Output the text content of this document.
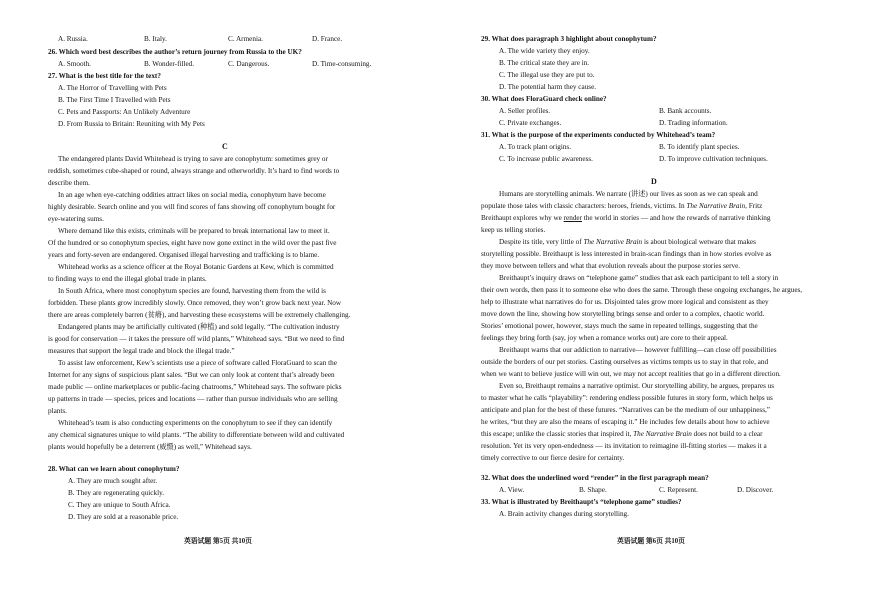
A. Russia.	B. Italy.	C. Armenia.	D. France.
26. Which word best describes the author’s return journey from Russia to the UK?
A. Smooth.	B. Wonder-filled.	C. Dangerous.	D. Time-consuming.
27. What is the best title for the text?
A. The Horror of Travelling with Pets
B. The First Time I Travelled with Pets
C. Pets and Passports: An Unlikely Adventure
D. From Russia to Britain: Reuniting with My Pets
C
The endangered plants David Whitehead is trying to save are conophytum: sometimes grey or
reddish, sometimes cube-shaped or round, always strange and otherworldly. It’s hard to find words to
describe them.
In an age when eye-catching oddities attract likes on social media, conophytum have become
highly desirable. Search online and you will find scores of fans showing off conophytum bought for
eye-watering sums.
Where demand like this exists, criminals will be prepared to break international law to meet it.
Of the hundred or so conophytum species, eight have now gone extinct in the wild over the past five
years and forty-seven are endangered. Organised illegal harvesting and trafficking is to blame.
Whitehead works as a science officer at the Royal Botanic Gardens at Kew, which is committed
to finding ways to end the illegal global trade in plants.
In South Africa, where most conophytum species are found, harvesting them from the wild is
forbidden. These plants grow incredibly slowly. Once removed, they won’t grow back next year. Now
there are areas completely barren (贫瘠), and harvesting these ecosystems will be extremely challenging.
Endangered plants may be artificially cultivated (种植) and sold legally. “The cultivation industry
is good for conservation — it takes the pressure off wild plants,” Whitehead says. “But we need to find
measures that support the legal trade and block the illegal trade.”
To assist law enforcement, Kew’s scientists use a piece of software called FloraGuard to scan the
Internet for any signs of suspicious plant sales. “But we can only look at content that’s already been
made public — online marketplaces or public-facing chatrooms,” Whitehead says. The software picks
up patterns in trade — species, prices and locations — rather than pursue individuals who are selling
plants.
Whitehead’s team is also conducting experiments on the conophytum to see if they can identify
any chemical signatures unique to wild plants. “The ability to differentiate between wild and cultivated
plants would hopefully be a deterrent (威慑) as well,” Whitehead says.
28. What can we learn about conophytum?
A. They are much sought after.
B. They are regenerating quickly.
C. They are unique to South Africa.
D. They are sold at a reasonable price.
英语试题 第5页 共10页
29. What does paragraph 3 highlight about conophytum?
A. The wide variety they enjoy.
B. The critical state they are in.
C. The illegal use they are put to.
D. The potential harm they cause.
30. What does FloraGuard check online?
A. Seller profiles.	B. Bank accounts.
C. Private exchanges.	D. Trading information.
31. What is the purpose of the experiments conducted by Whitehead’s team?
A. To track plant origins.	B. To identify plant species.
C. To increase public awareness.	D. To improve cultivation techniques.
D
Humans are storytelling animals. We narrate (讲述) our lives as soon as we can speak and
populate those tales with classic characters: heroes, friends, victims. In The Narrative Brain, Fritz
Breithaupt explores why we render the world in stories — and how the rewards of narrative thinking
keep us telling stories.
Despite its title, very little of The Narrative Brain is about biological wetware that makes
storytelling possible. Breithaupt is less interested in brain-scan findings than in how stories evolve as
they move between tellers and what that evolution reveals about the purpose stories serve.
Breithaupt’s inquiry draws on “telephone game” studies that ask each participant to tell a story in
their own words, then pass it to someone else who does the same. Through these ongoing exchanges, he argues,
help to illustrate what narratives do for us. Disjointed tales grow more logical and consistent as they
move down the line, showing how storytelling brings sense and order to a complex, chaotic world.
Stories’ emotional power, however, stays much the same in repeated tellings, suggesting that the
feelings they bring forth (say, joy when a romance works out) are core to their appeal.
Breithaupt warns that our addiction to narrative— however fulfilling—can close off possibilities
outside the borders of our pet stories. Casting ourselves as victims tempts us to stay in that role, and
when we want to believe justice will win out, we may not accept realities that go in a different direction.
Even so, Breithaupt remains a narrative optimist. Our storytelling ability, he argues, prepares us
to master what he calls “playability”: rendering endless possible futures in story form, which helps us
anticipate and plan for the best of these futures. “Narratives can be the medium of our unhappiness,”
he writes, “but they are also the means of escaping it.” He includes few details about how to achieve
this escape; unlike the classic stories that inspired it, The Narrative Brain does not build to a clear
resolution. Yet its very open-endedness — its invitation to reimagine ill-fitting stories — makes it a
timely corrective to our fierce desire for certainty.
32. What does the underlined word “render” in the first paragraph mean?
A. View.	B. Shape.	C. Represent.	D. Discover.
33. What is illustrated by Breithaupt’s “telephone game” studies?
A. Brain activity changes during storytelling.
英语试题 第6页 共10页
